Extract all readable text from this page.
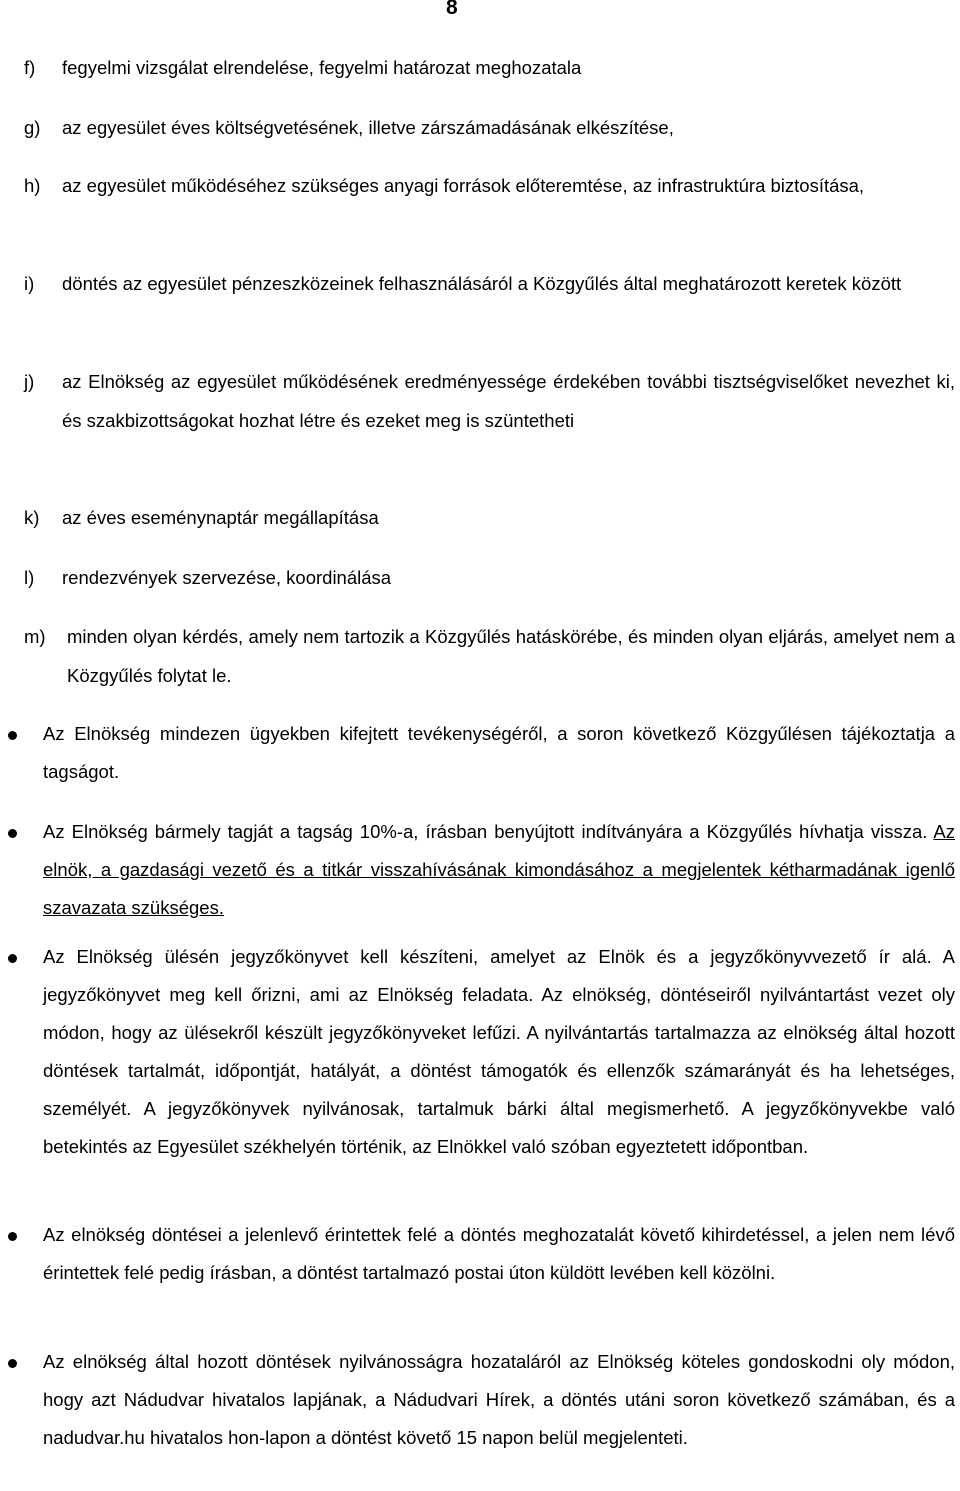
8
f) fegyelmi vizsgálat elrendelése, fegyelmi határozat meghozatala
g) az egyesület éves költségvetésének, illetve zárszámadásának elkészítése,
h) az egyesület működéséhez szükséges anyagi források előteremtése, az infrastruktúra biztosítása,
i) döntés az egyesület pénzeszközeinek felhasználásáról a Közgyűlés által meghatározott keretek között
j) az Elnökség az egyesület működésének eredményessége érdekében további tisztségviselőket nevezhet ki, és szakbizottságokat hozhat létre és ezeket meg is szüntetheti
k) az éves eseménynaptár megállapítása
l) rendezvények szervezése, koordinálása
m) minden olyan kérdés, amely nem tartozik a Közgyűlés hatáskörébe, és minden olyan eljárás, amelyet nem a Közgyűlés folytat le.
Az Elnökség mindezen ügyekben kifejtett tevékenységéről, a soron következő Közgyűlésen tájékoztatja a tagságot.
Az Elnökség bármely tagját a tagság 10%-a, írásban benyújtott indítványára a Közgyűlés hívhatja vissza. Az elnök, a gazdasági vezető és a titkár visszahívásának kimondásához a megjelentek kétharmadának igenlő szavazata szükséges.
Az Elnökség ülésén jegyzőkönyvet kell készíteni, amelyet az Elnök és a jegyzőkönyvvezető ír alá. A jegyzőkönyvet meg kell őrizni, ami az Elnökség feladata. Az elnökség, döntéseiről nyilvántartást vezet oly módon, hogy az ülésekről készült jegyzőkönyveket lefűzi. A nyilvántartás tartalmazza az elnökség által hozott döntések tartalmát, időpontját, hatályát, a döntést támogatók és ellenzők számarányát és ha lehetséges, személyét. A jegyzőkönyvek nyilvánosak, tartalmuk bárki által megismerhető. A jegyzőkönyvekbe való betekintés az Egyesület székhelyén történik, az Elnökkel való szóban egyeztetett időpontban.
Az elnökség döntései a jelenlevő érintettek felé a döntés meghozatalát követő kihirdetéssel, a jelen nem lévő érintettek felé pedig írásban, a döntést tartalmazó postai úton küldött levében kell közölni.
Az elnökség által hozott döntések nyilvánosságra hozataláról az Elnökség köteles gondoskodni oly módon, hogy azt Nádudvar hivatalos lapjának, a Nádudvari Hírek, a döntés utáni soron következő számában, és a nadudvar.hu hivatalos hon-lapon a döntést követő 15 napon belül megjelenteti.
